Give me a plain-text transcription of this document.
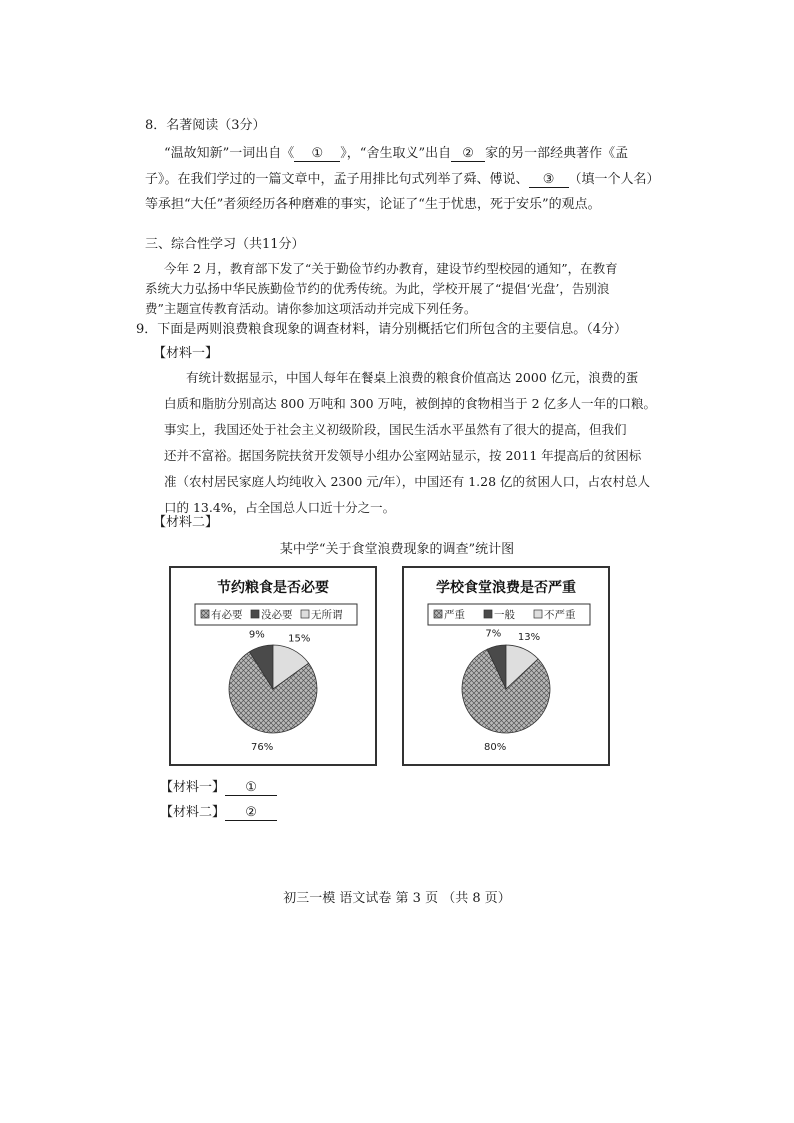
8．名著阅读（3分）
“温故知新”一词出自《 ① 》，“舍生取义”出自 ② 家的另一部经典著作《孟
子》。在我们学过的一篇文章中，孟子用排比句式列举了舜、傅说、 ③ （填一个人名）
等承担“大任”者须经历各种磨难的事实，论证了“生于忧患，死于安乐”的观点。
三、综合性学习（共11分）
今年 2 月，教育部下发了“关于勤俭节约办教育，建设节约型校园的通知”，在教育
系统大力弘扬中华民族勤俭节约的优秀传统。为此，学校开展了“提倡‘光盘’，告别浪
费”主题宣传教育活动。请你参加这项活动并完成下列任务。
9．下面是两则浪费粮食现象的调查材料，请分别概括它们所包含的主要信息。（4分）
【材料一】
有统计数据显示，中国人每年在餐桌上浪费的粮食价值高达 2000 亿元，浪费的蛋
白质和脂肪分别高达 800 万吨和 300 万吨，被倒掉的食物相当于 2 亿多人一年的口粮。
事实上，我国还处于社会主义初级阶段，国民生活水平虽然有了很大的提高，但我们
还并不富裕。据国务院扶贫开发领导小组办公室网站显示，按 2011 年提高后的贫困标
准（农村居民家庭人均纯收入 2300 元/年），中国还有 1.28 亿的贫困人口，占农村总人
口的 13.4%，占全国总人口近十分之一。
【材料二】
某中学“关于食堂浪费现象的调查”统计图
节约粮食是否必要
有必要 没必要 无所谓
76%
9% 15%
学校食堂浪费是否严重
严重	一般	不严重
80%
7% 13%
【材料一】 ①
【材料二】 ②
初三一模 语文试卷 第 3 页 （共 8 页）
